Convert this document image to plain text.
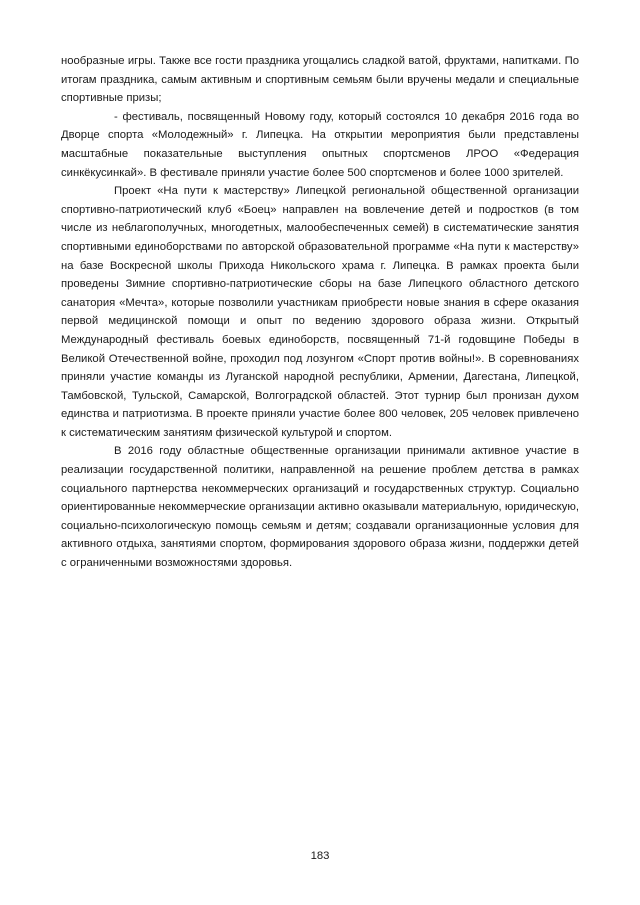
нообразные игры. Также все гости праздника угощались сладкой ватой, фруктами, напитками. По итогам праздника, самым активным и спортивным семьям были вручены медали и специальные спортивные призы;

- фестиваль, посвященный Новому году, который состоялся 10 декабря 2016 года во Дворце спорта «Молодежный» г. Липецка. На открытии мероприятия были представлены масштабные показательные выступления опытных спортсменов ЛРОО «Федерация синкёкусинкай». В фестивале приняли участие более 500 спортсменов и более 1000 зрителей.

Проект «На пути к мастерству» Липецкой региональной общественной организации спортивно-патриотический клуб «Боец» направлен на вовлечение детей и подростков (в том числе из неблагополучных, многодетных, малообеспеченных семей) в систематические занятия спортивными единоборствами по авторской образовательной программе «На пути к мастерству» на базе Воскресной школы Прихода Никольского храма г. Липецка. В рамках проекта были проведены Зимние спортивно-патриотические сборы на базе Липецкого областного детского санатория «Мечта», которые позволили участникам приобрести новые знания в сфере оказания первой медицинской помощи и опыт по ведению здорового образа жизни. Открытый Международный фестиваль боевых единоборств, посвященный 71-й годовщине Победы в Великой Отечественной войне, проходил под лозунгом «Спорт против войны!». В соревнованиях приняли участие команды из Луганской народной республики, Армении, Дагестана, Липецкой, Тамбовской, Тульской, Самарской, Волгоградской областей. Этот турнир был пронизан духом единства и патриотизма. В проекте приняли участие более 800 человек, 205 человек привлечено к систематическим занятиям физической культурой и спортом.

В 2016 году областные общественные организации принимали активное участие в реализации государственной политики, направленной на решение проблем детства в рамках социального партнерства некоммерческих организаций и государственных структур. Социально ориентированные некоммерческие организации активно оказывали материальную, юридическую, социально-психологическую помощь семьям и детям; создавали организационные условия для активного отдыха, занятиями спортом, формирования здорового образа жизни, поддержки детей с ограниченными возможностями здоровья.

183
